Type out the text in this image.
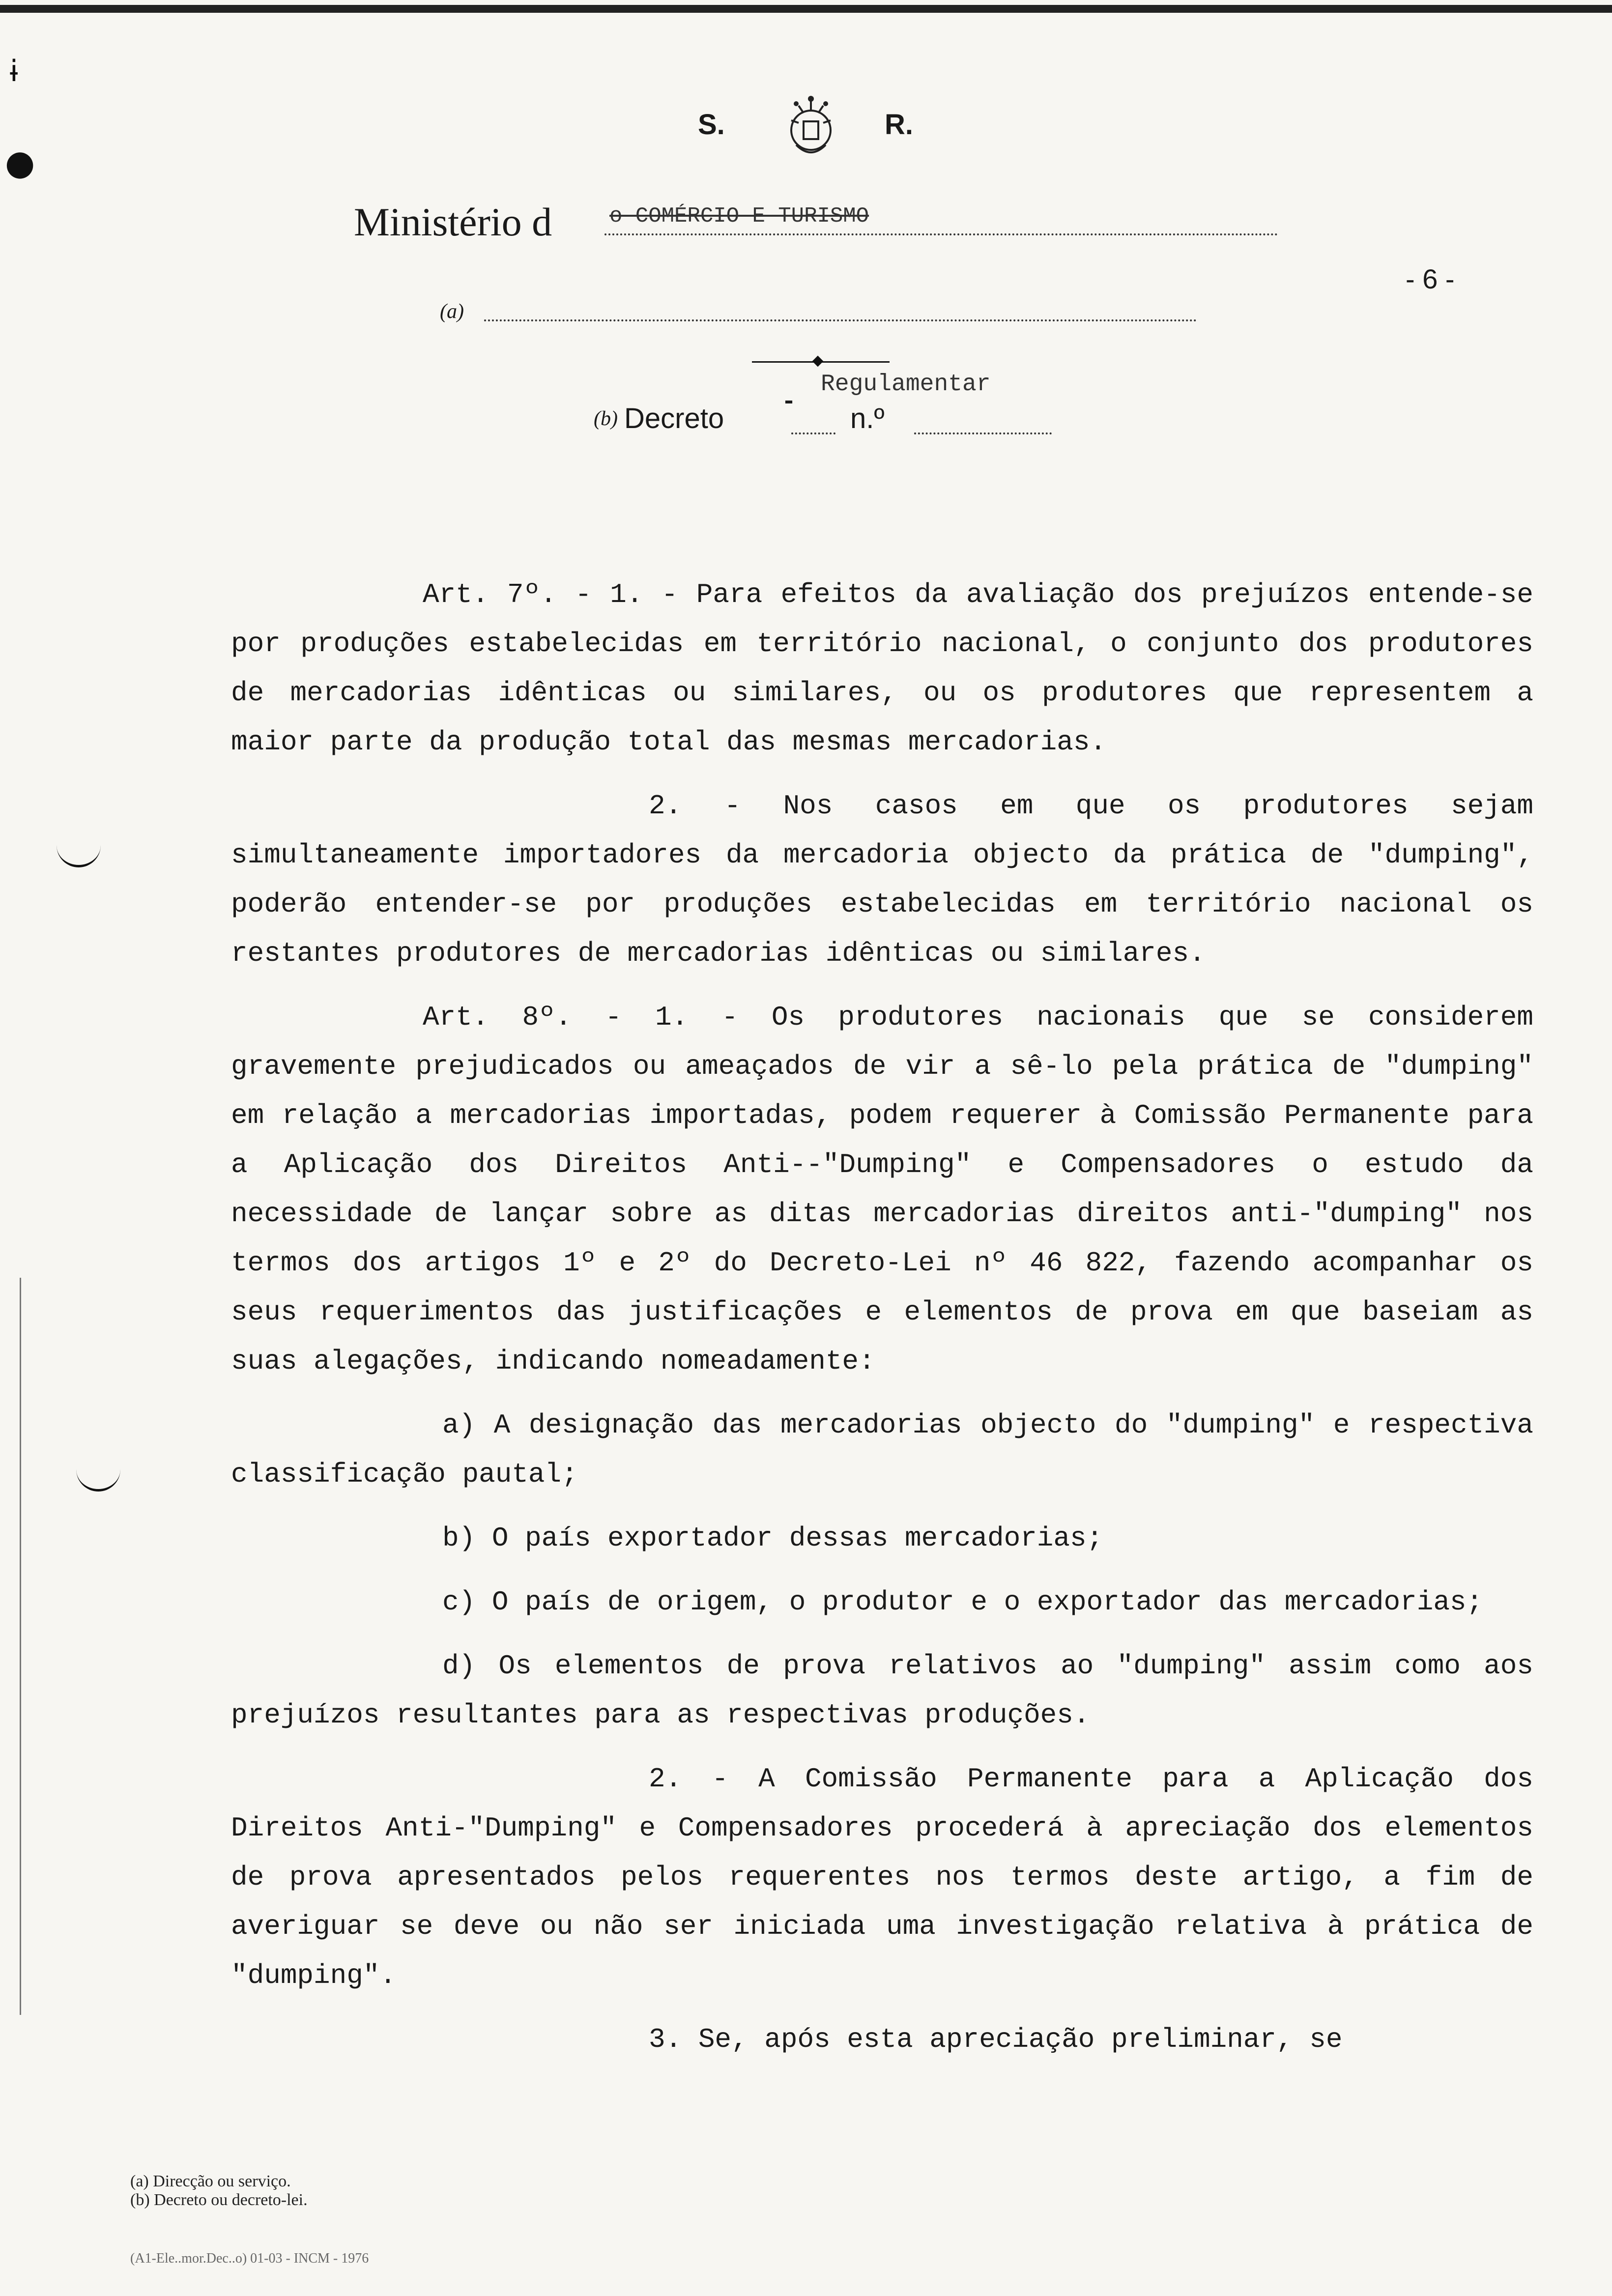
ɨ
●
S.	R.
Ministério d	o COMÉRCIO E TURISMO
- 6 -
(a)
Regulamentar
(b) Decreto
-
n.º

Art. 7º. - 1. - Para efeitos da avaliação dos prejuízos entende-se por produções estabelecidas em território nacional, o conjunto dos produtores de mercadorias idênticas ou similares, ou os produtores que representem a maior parte da produção total das mesmas mercadorias.

2. - Nos casos em que os produtores sejam simultaneamente importadores da mercadoria objecto da prática de "dumping", poderão entender-se por produções estabelecidas em território nacional os restantes produtores de mercadorias idênticas ou similares.

Art. 8º. - 1. - Os produtores nacionais que se considerem gravemente prejudicados ou ameaçados de vir a sê-lo pela prática de "dumping" em relação a mercadorias importadas, podem requerer à Comissão Permanente para a Aplicação dos Direitos Anti--"Dumping" e Compensadores o estudo da necessidade de lançar sobre as ditas mercadorias direitos anti-"dumping" nos termos dos artigos 1º e 2º do Decreto-Lei nº 46 822, fazendo acompanhar os seus requerimentos das justificações e elementos de prova em que baseiam as suas alegações, indicando nomeadamente:

a) A designação das mercadorias objecto do "dumping" e respectiva classificação pautal;

b) O país exportador dessas mercadorias;

c) O país de origem, o produtor e o exportador das mercadorias;

d) Os elementos de prova relativos ao "dumping" assim como aos prejuízos resultantes para as respectivas produções.

2. - A Comissão Permanente para a Aplicação dos Direitos Anti-"Dumping" e Compensadores procederá à apreciação dos elementos de prova apresentados pelos requerentes nos termos deste artigo, a fim de averiguar se deve ou não ser iniciada uma investigação relativa à prática de "dumping".

3. Se, após esta apreciação preliminar, se

(a) Direcção ou serviço.
(b) Decreto ou decreto-lei.
(A1-Ele..mor.Dec..o) 01-03 - INCM - 1976
